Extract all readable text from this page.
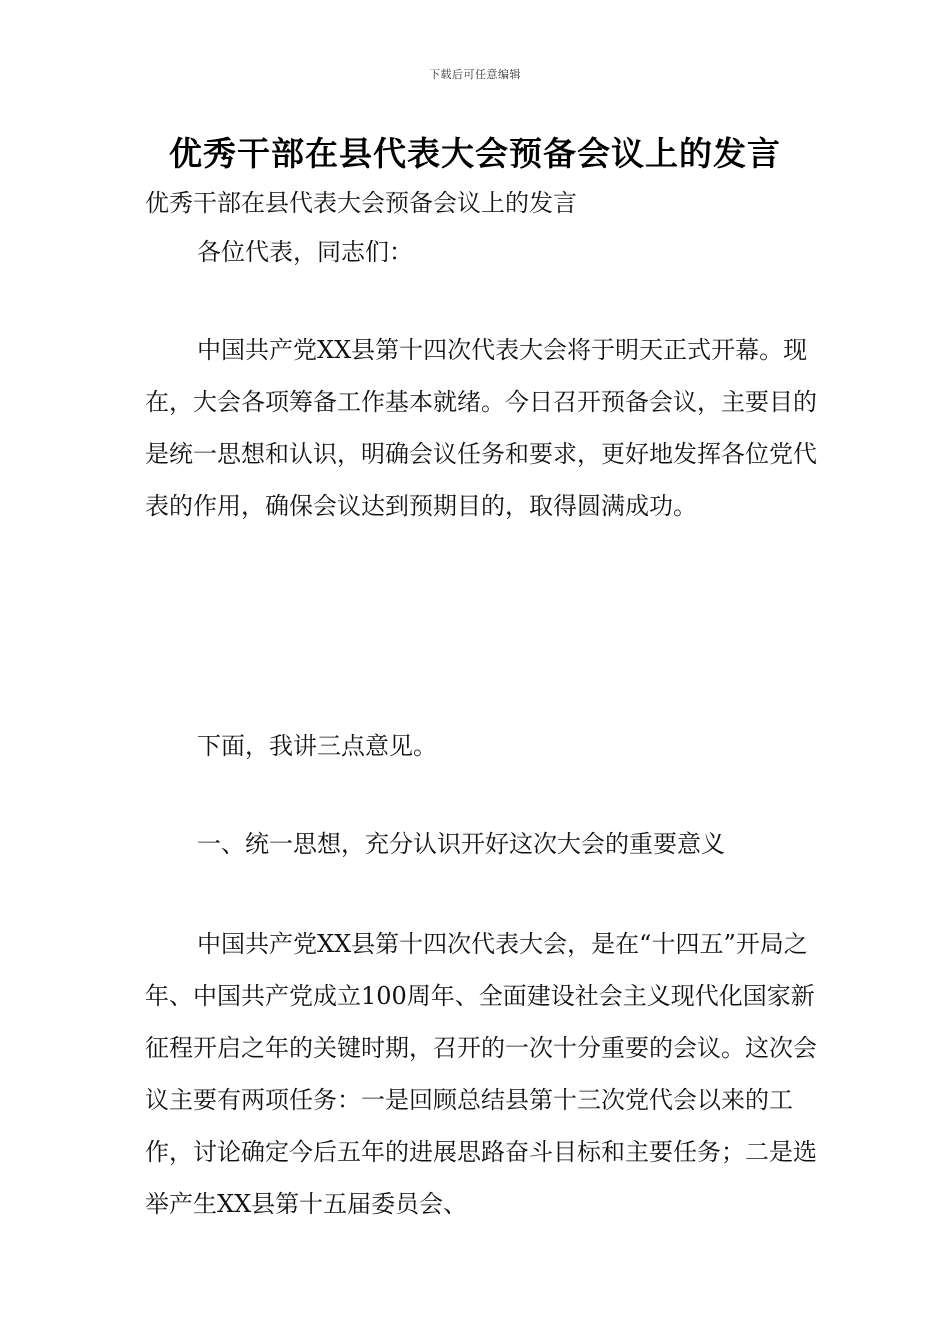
下载后可任意编辑
优秀干部在县代表大会预备会议上的发言

优秀干部在县代表大会预备会议上的发言

各位代表，同志们：

中国共产党XX县第十四次代表大会将于明天正式开幕。现在，大会各项筹备工作基本就绪。今日召开预备会议，主要目的是统一思想和认识，明确会议任务和要求，更好地发挥各位党代表的作用，确保会议达到预期目的，取得圆满成功。

下面，我讲三点意见。

一、统一思想，充分认识开好这次大会的重要意义

中国共产党XX县第十四次代表大会，是在“十四五”开局之年、中国共产党成立100周年、全面建设社会主义现代化国家新征程开启之年的关键时期，召开的一次十分重要的会议。这次会议主要有两项任务：一是回顾总结县第十三次党代会以来的工作，讨论确定今后五年的进展思路奋斗目标和主要任务；二是选举产生XX县第十五届委员会、
